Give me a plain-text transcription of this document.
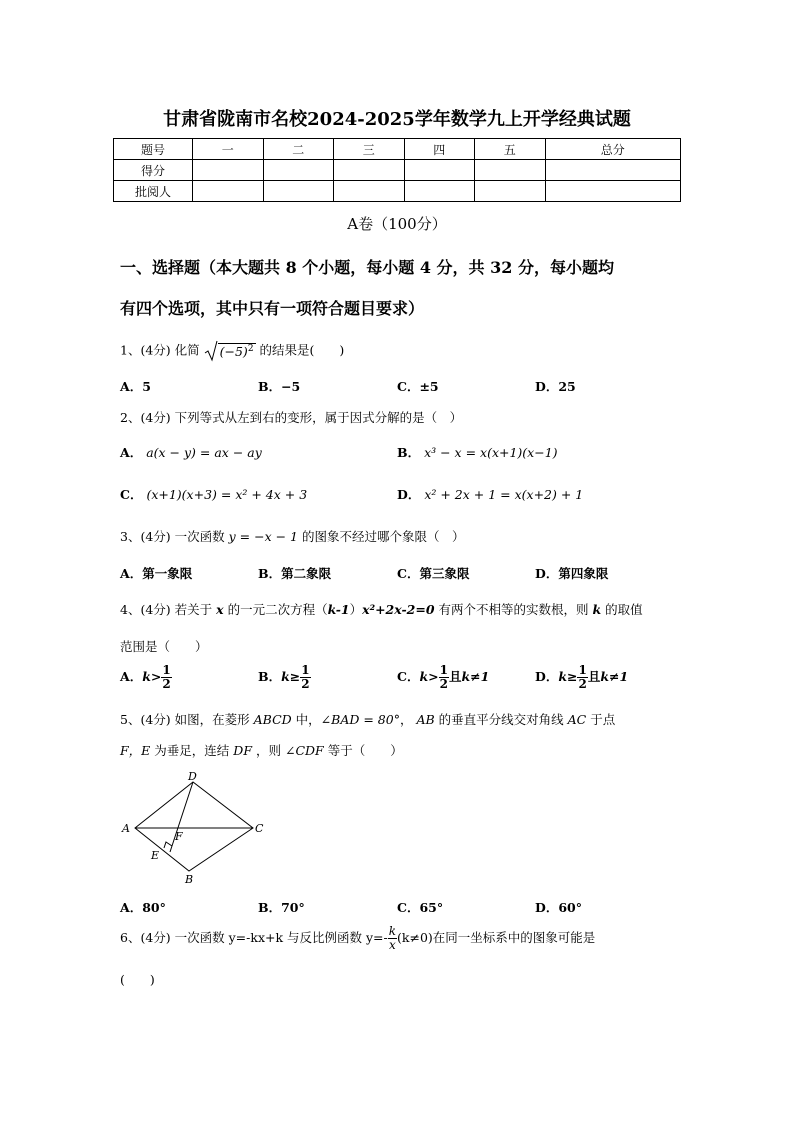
甘肃省陇南市名校2024-2025学年数学九上开学经典试题
题号	一	二	三	四	五	总分
得分						
批阅人						
A卷（100分）
一、选择题（本大题共 8 个小题，每小题 4 分，共 32 分，每小题均
有四个选项，其中只有一项符合题目要求）
1、(4分) 化简 $(-5)^2$ 的结果是(　　)
A．5	B．−5	C．±5	D．25
2、(4分) 下列等式从左到右的变形，属于因式分解的是（　）
A． a(x − y) = ax − ay	B． x³ − x = x(x+1)(x−1)
C． (x+1)(x+3) = x² + 4x + 3	D． x² + 2x + 1 = x(x+2) + 1
3、(4分) 一次函数 y = −x − 1 的图象不经过哪个象限（　）
A．第一象限	B．第二象限	C．第三象限	D．第四象限
4、(4分) 若关于 x 的一元二次方程（k-1）x²+2x-2=0 有两个不相等的实数根，则 k 的取值
范围是（　　）
A．$k> \frac{1}{2}$	B．$k\ge \frac{1}{2}$	C．$k> \frac{1}{2}$ 且k≠1	D．$k\ge \frac{1}{2}$ 且k≠1
5、(4分) 如图，在菱形 ABCD 中，∠BAD = 80°， AB 的垂直平分线交对角线 AC 于点
F，E 为垂足，连结 DF ，则 ∠CDF 等于（　　）
A
D
C
B
E
F
A．80°	B．70°	C．65°	D．60°
6、(4分) 一次函数 y=-kx+k 与反比例函数 $y=- \frac{k}{x} (k\ne 0)$在同一坐标系中的图象可能是
(　　)
